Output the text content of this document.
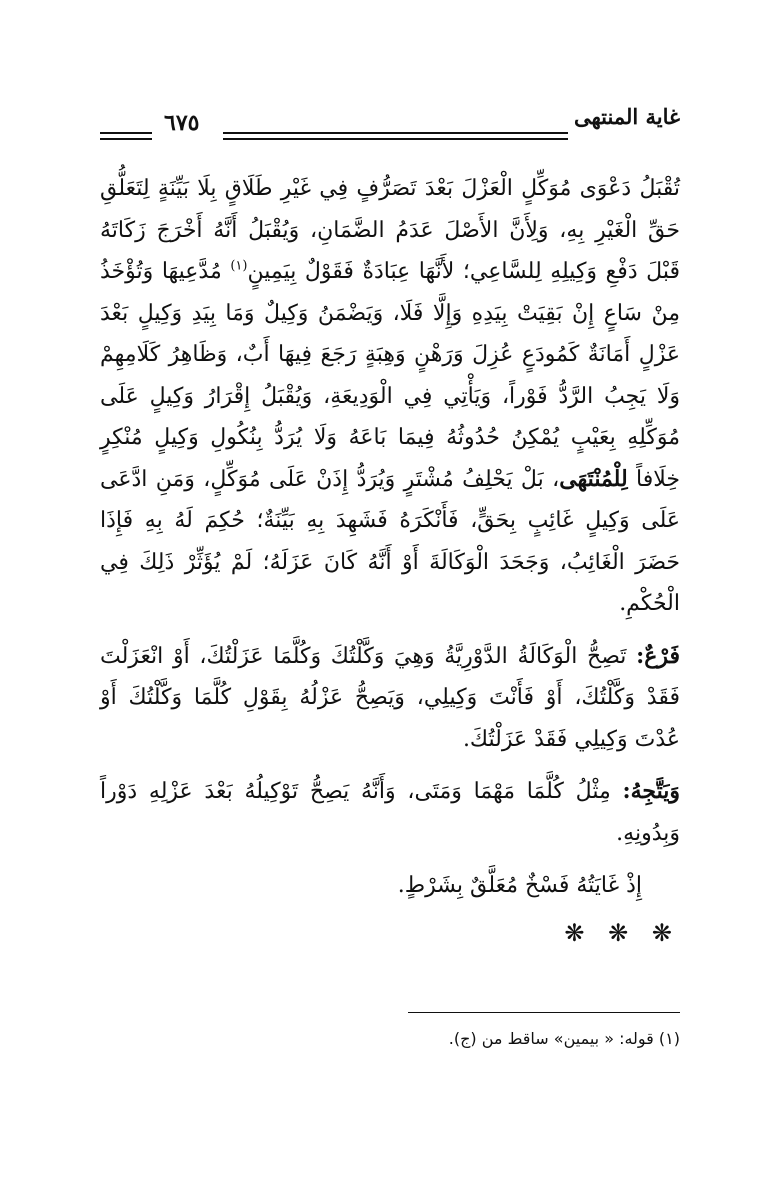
غاية المنتهى
٦٧٥

تُقْبَلُ دَعْوَى مُوَكِّلٍ الْعَزْلَ بَعْدَ تَصَرُّفٍ فِي غَيْرِ طَلَاقٍ بِلَا بَيِّنَةٍ لِتَعَلُّقِ حَقِّ الْغَيْرِ بِهِ، وَلِأَنَّ الأَصْلَ عَدَمُ الضَّمَانِ، وَيُقْبَلُ أَنَّهُ أَخْرَجَ زَكَاتَهُ قَبْلَ دَفْعِ وَكِيلِهِ لِلسَّاعِي؛ لأَنَّهَا عِبَادَةٌ فَقَوْلٌ بِيَمِينٍ$^{(١)}$ مُدَّعِيهَا وَتُؤْخَذُ مِنْ سَاعٍ إِنْ بَقِيَتْ بِيَدِهِ وَإِلَّا فَلَا، وَيَضْمَنُ وَكِيلٌ وَمَا بِيَدِ وَكِيلٍ بَعْدَ عَزْلٍ أَمَانَةٌ كَمُودَعٍ عُزِلَ وَرَهْنٍ وَهِبَةٍ رَجَعَ فِيهَا أَبٌ، وَظَاهِرُ كَلَامِهِمْ وَلَا يَجِبُ الرَّدُّ فَوْراً، وَيَأْتِي فِي الْوَدِيعَةِ، وَيُقْبَلُ إِقْرَارُ وَكِيلٍ عَلَى مُوَكِّلِهِ بِعَيْبٍ يُمْكِنُ حُدُوثُهُ فِيمَا بَاعَهُ وَلَا يُرَدُّ بِنُكُولِ وَكِيلٍ مُنْكِرٍ خِلَافاً لِلْمُنْتَهَى، بَلْ يَحْلِفُ مُشْتَرٍ وَيُرَدُّ إِذَنْ عَلَى مُوَكِّلٍ، وَمَنِ ادَّعَى عَلَى وَكِيلٍ غَائِبٍ بِحَقٍّ، فَأَنْكَرَهُ فَشَهِدَ بِهِ بَيِّنَةٌ؛ حُكِمَ لَهُ بِهِ فَإِذَا حَضَرَ الْغَائِبُ، وَجَحَدَ الْوَكَالَةَ أَوْ أَنَّهُ كَانَ عَزَلَهُ؛ لَمْ يُؤَثِّرْ ذَلِكَ فِي الْحُكْمِ.

فَرْعٌ: تَصِحُّ الْوَكَالَةُ الدَّوْرِيَّةُ وَهِيَ وَكَّلْتُكَ وَكُلَّمَا عَزَلْتُكَ، أَوْ انْعَزَلْتَ فَقَدْ وَكَّلْتُكَ، أَوْ فَأَنْتَ وَكِيلِي، وَيَصِحُّ عَزْلُهُ بِقَوْلِ كُلَّمَا وَكَّلْتُكَ أَوْ عُدْتَ وَكِيلِي فَقَدْ عَزَلْتُكَ.

وَيَتَّجِهُ: مِثْلُ كُلَّمَا مَهْمَا وَمَتَى، وَأَنَّهُ يَصِحُّ تَوْكِيلُهُ بَعْدَ عَزْلِهِ دَوْراً وَبِدُونِهِ.

إِذْ غَايَتُهُ فَسْخٌ مُعَلَّقٌ بِشَرْطٍ.

❋ ❋ ❋
(١) قوله: « بيمين» ساقط من (ج).
